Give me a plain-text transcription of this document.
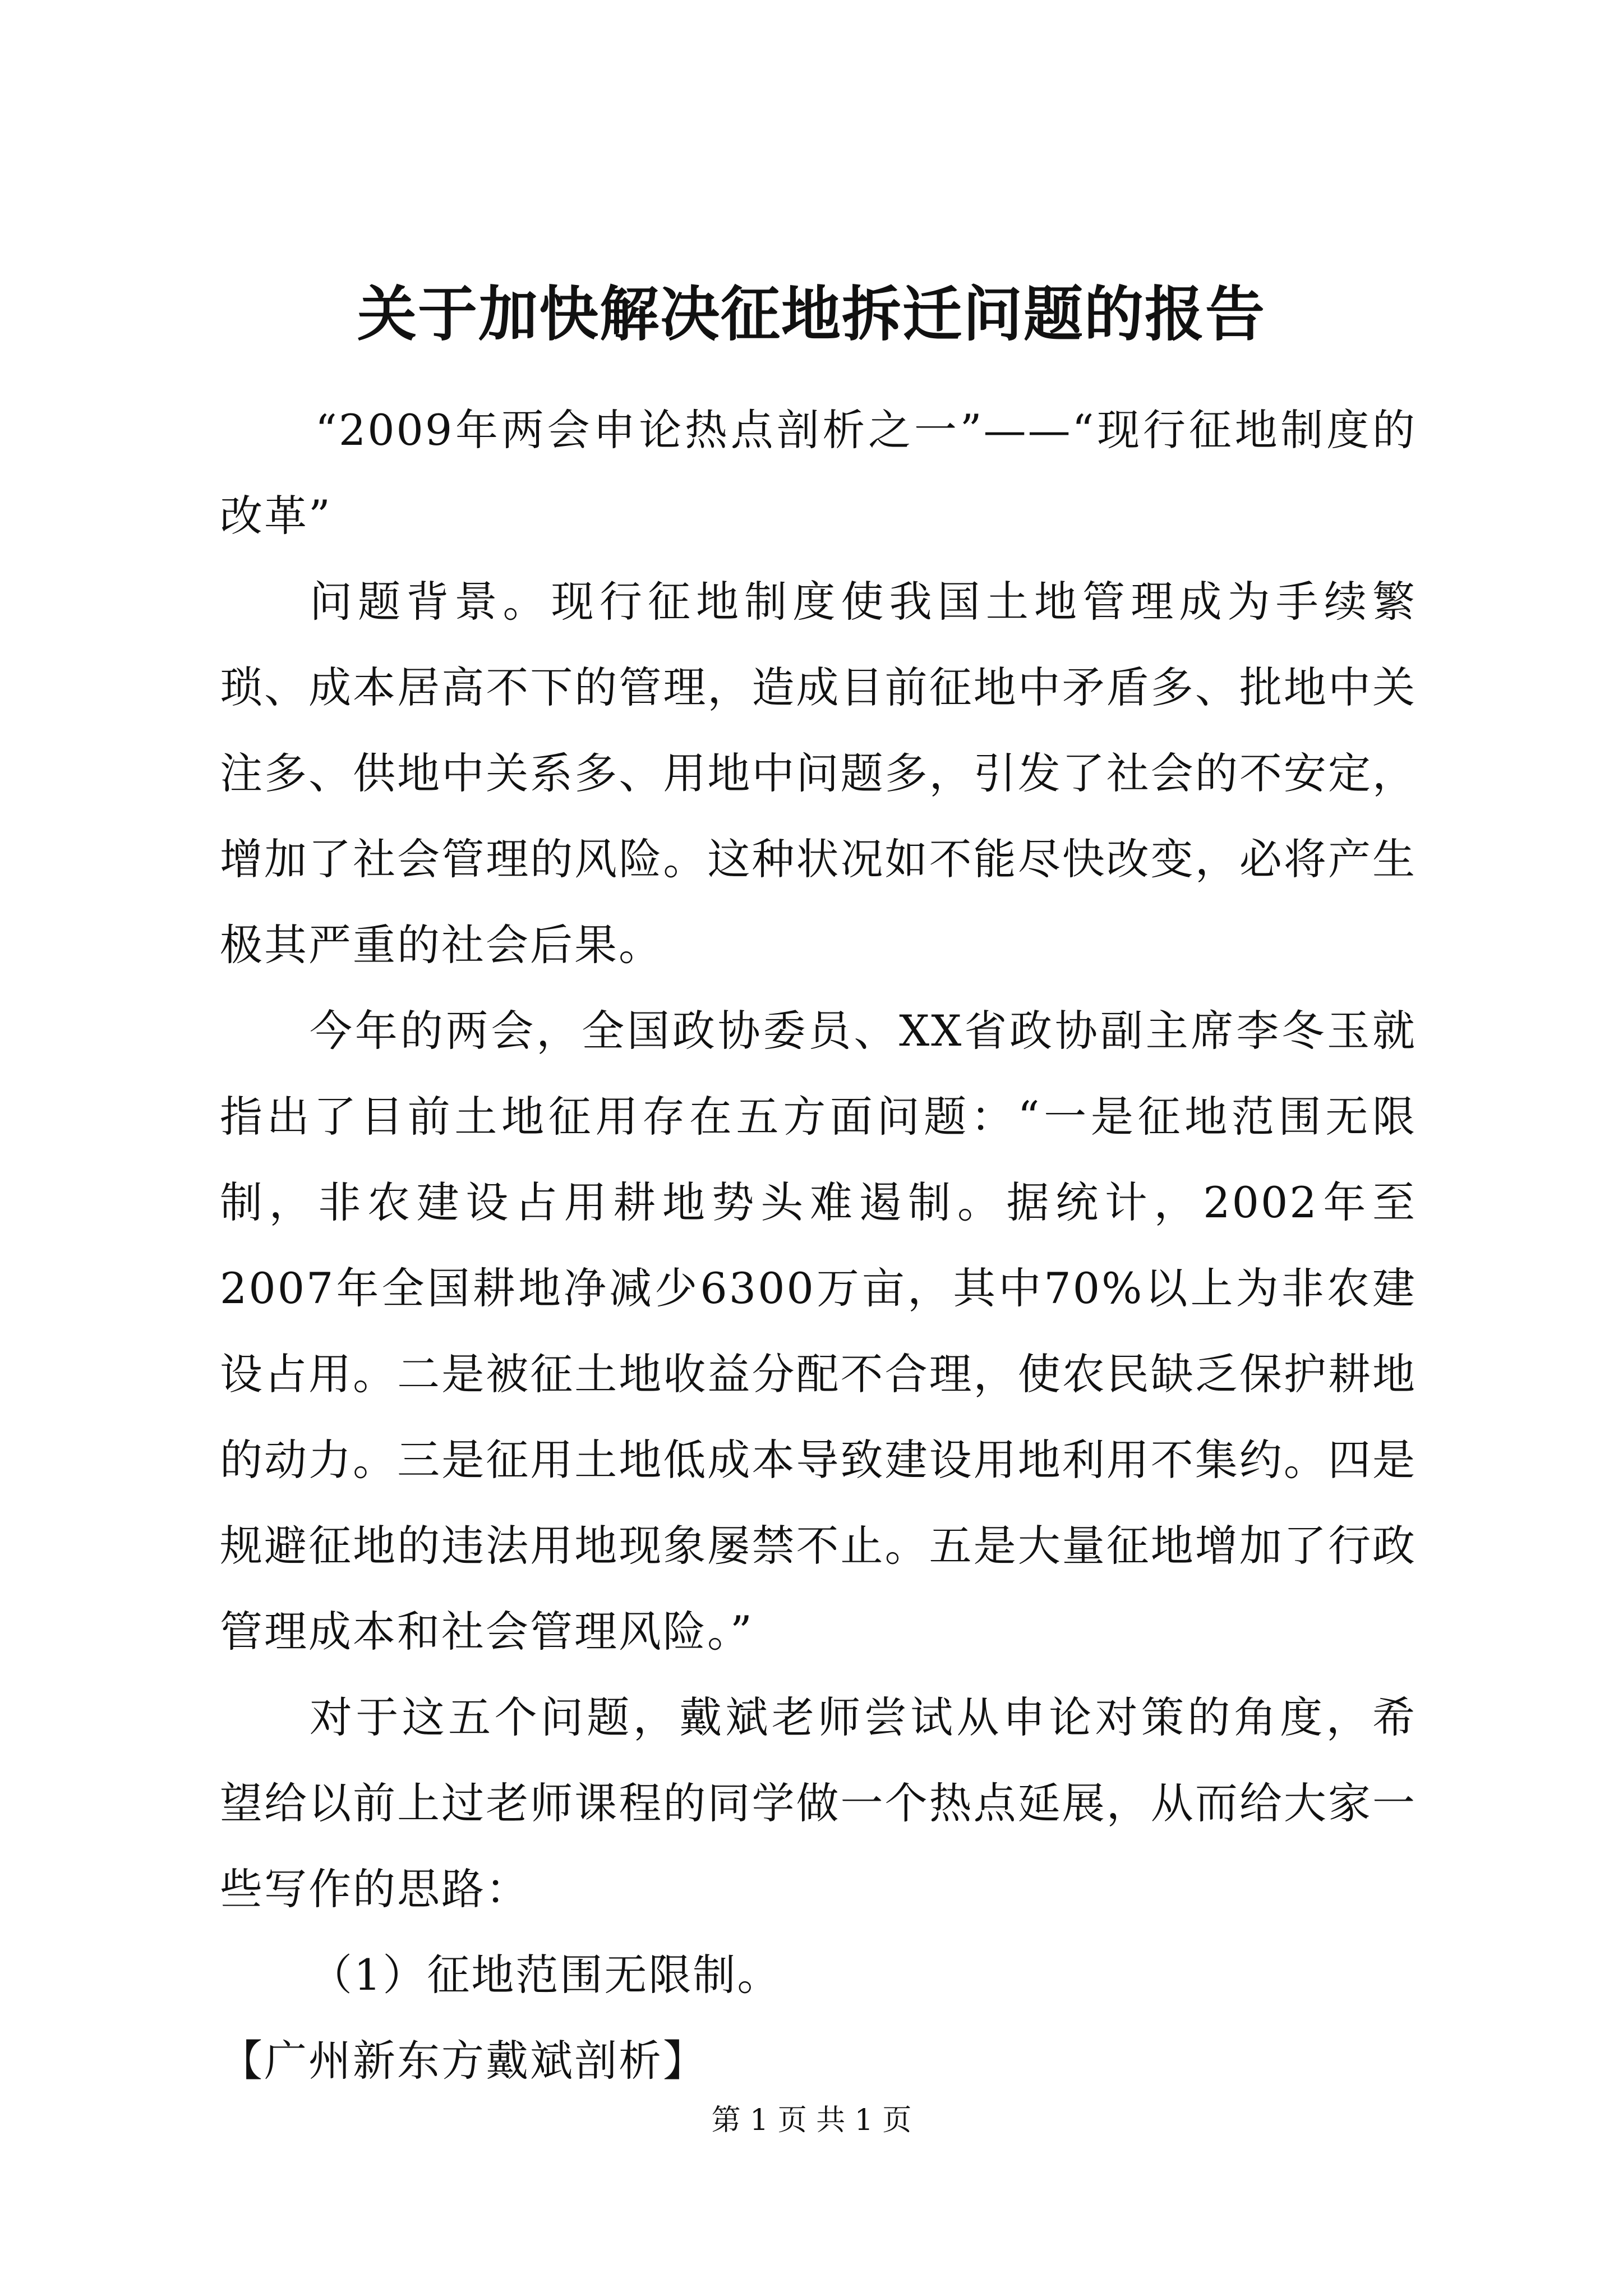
关于加快解决征地拆迁问题的报告

“2009年两会申论热点剖析之一”——“现行征地制度的改革”

问题背景。现行征地制度使我国土地管理成为手续繁琐、成本居高不下的管理，造成目前征地中矛盾多、批地中关注多、供地中关系多、用地中问题多，引发了社会的不安定，增加了社会管理的风险。这种状况如不能尽快改变，必将产生极其严重的社会后果。

今年的两会，全国政协委员、XX省政协副主席李冬玉就指出了目前土地征用存在五方面问题：“一是征地范围无限制，非农建设占用耕地势头难遏制。据统计，2002年至2007年全国耕地净减少6300万亩，其中70%以上为非农建设占用。二是被征土地收益分配不合理，使农民缺乏保护耕地的动力。三是征用土地低成本导致建设用地利用不集约。四是规避征地的违法用地现象屡禁不止。五是大量征地增加了行政管理成本和社会管理风险。”

对于这五个问题，戴斌老师尝试从申论对策的角度，希望给以前上过老师课程的同学做一个热点延展，从而给大家一些写作的思路：

（1）征地范围无限制。

【广州新东方戴斌剖析】

第 1 页 共 1 页
